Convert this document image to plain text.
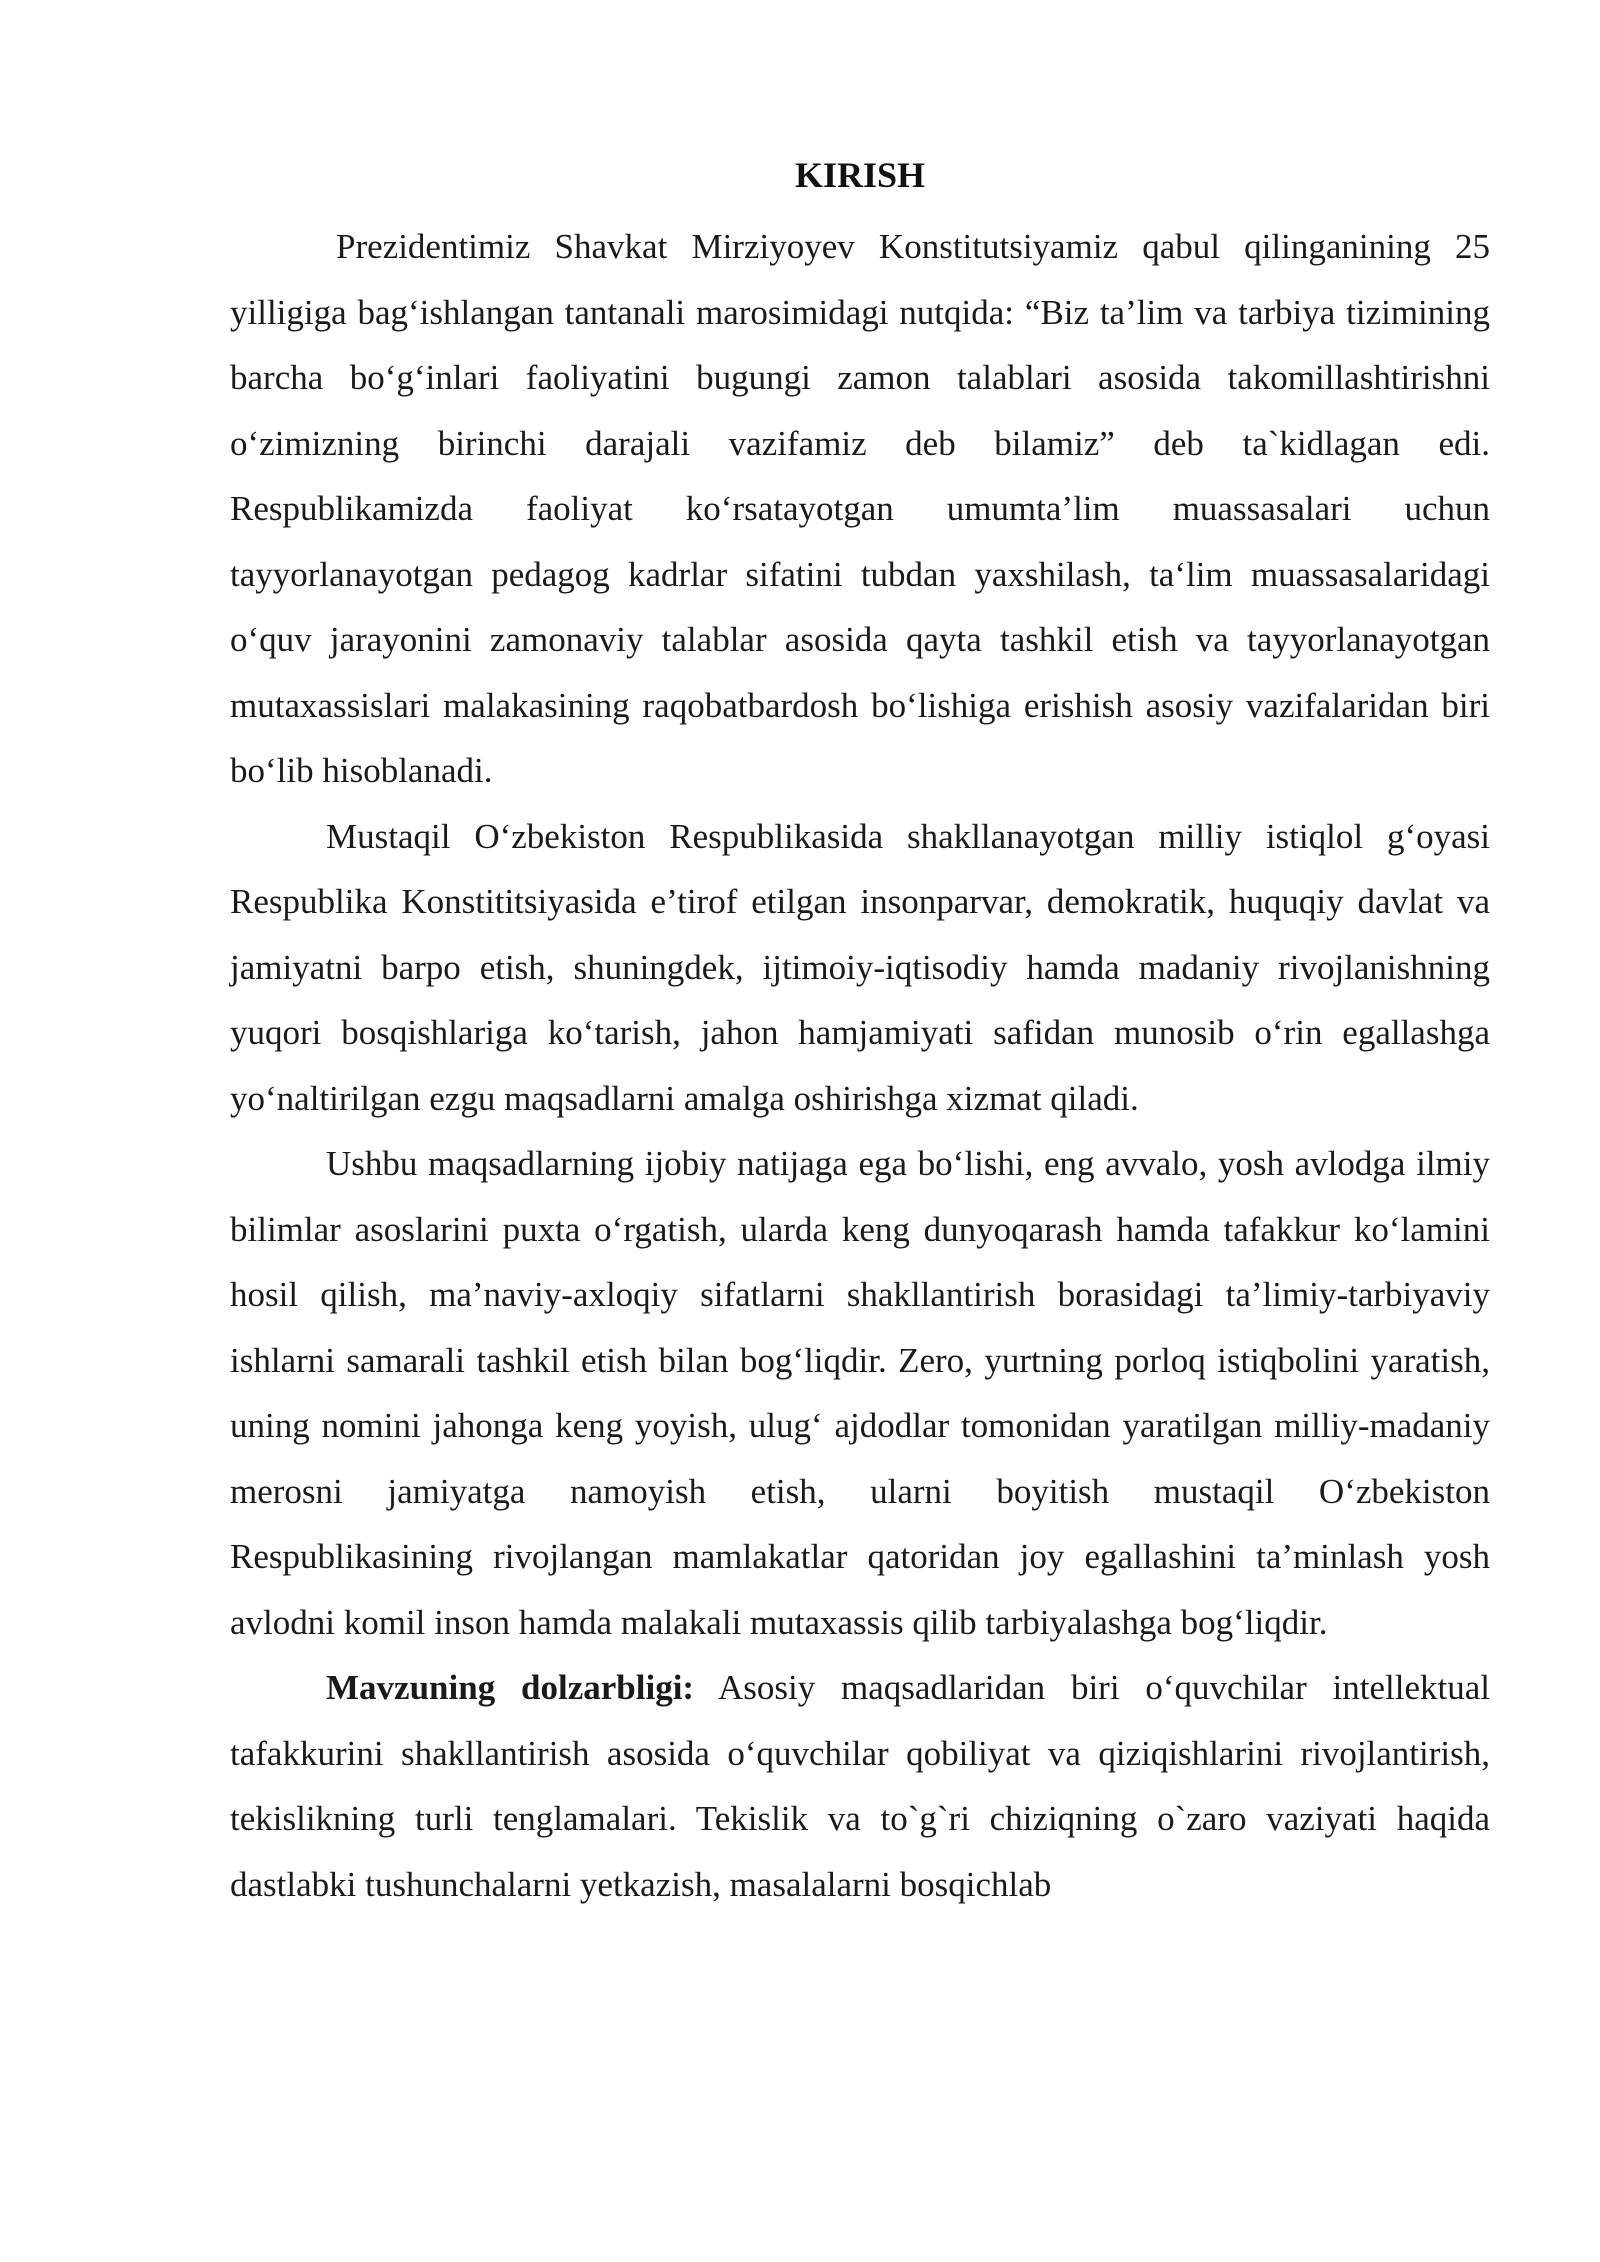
KIRISH

Prezidentimiz Shavkat Mirziyoyev Konstitutsiyamiz qabul qilinganining 25 yilligiga bag‘ishlangan tantanali marosimidagi nutqida: “Biz ta’lim va tarbiya tizimining barcha bo‘g‘inlari faoliyatini bugungi zamon talablari asosida takomillashtirishni o‘zimizning birinchi darajali vazifamiz deb bilamiz” deb ta`kidlagan edi. Respublikamizda faoliyat ko‘rsatayotgan umumta’lim muassasalari uchun tayyorlanayotgan pedagog kadrlar sifatini tubdan yaxshilash, ta‘lim muassasalaridagi o‘quv jarayonini zamonaviy talablar asosida qayta tashkil etish va tayyorlanayotgan mutaxassislari malakasining raqobatbardosh bo‘lishiga erishish asosiy vazifalaridan biri bo‘lib hisoblanadi.

Mustaqil O‘zbekiston Respublikasida shakllanayotgan milliy istiqlol g‘oyasi Respublika Konstititsiyasida e’tirof etilgan insonparvar, demokratik, huquqiy davlat va jamiyatni barpo etish, shuningdek, ijtimoiy-iqtisodiy hamda madaniy rivojlanishning yuqori bosqishlariga ko‘tarish, jahon hamjamiyati safidan munosib o‘rin egallashga yo‘naltirilgan ezgu maqsadlarni amalga oshirishga xizmat qiladi.

Ushbu maqsadlarning ijobiy natijaga ega bo‘lishi, eng avvalo, yosh avlodga ilmiy bilimlar asoslarini puxta o‘rgatish, ularda keng dunyoqarash hamda tafakkur ko‘lamini hosil qilish, ma’naviy-axloqiy sifatlarni shakllantirish borasidagi ta’limiy-tarbiyaviy ishlarni samarali tashkil etish bilan bog‘liqdir. Zero, yurtning porloq istiqbolini yaratish, uning nomini jahonga keng yoyish, ulug‘ ajdodlar tomonidan yaratilgan milliy-madaniy merosni jamiyatga namoyish etish, ularni boyitish mustaqil O‘zbekiston Respublikasining rivojlangan mamlakatlar qatoridan joy egallashini ta’minlash yosh avlodni komil inson hamda malakali mutaxassis qilib tarbiyalashga bog‘liqdir.

Mavzuning dolzarbligi: Asosiy maqsadlaridan biri o‘quvchilar intellektual tafakkurini shakllantirish asosida o‘quvchilar qobiliyat va qiziqishlarini rivojlantirish, tekislikning turli tenglamalari. Tekislik va to`g`ri chiziqning o`zaro vaziyati haqida dastlabki tushunchalarni yetkazish, masalalarni bosqichlab
